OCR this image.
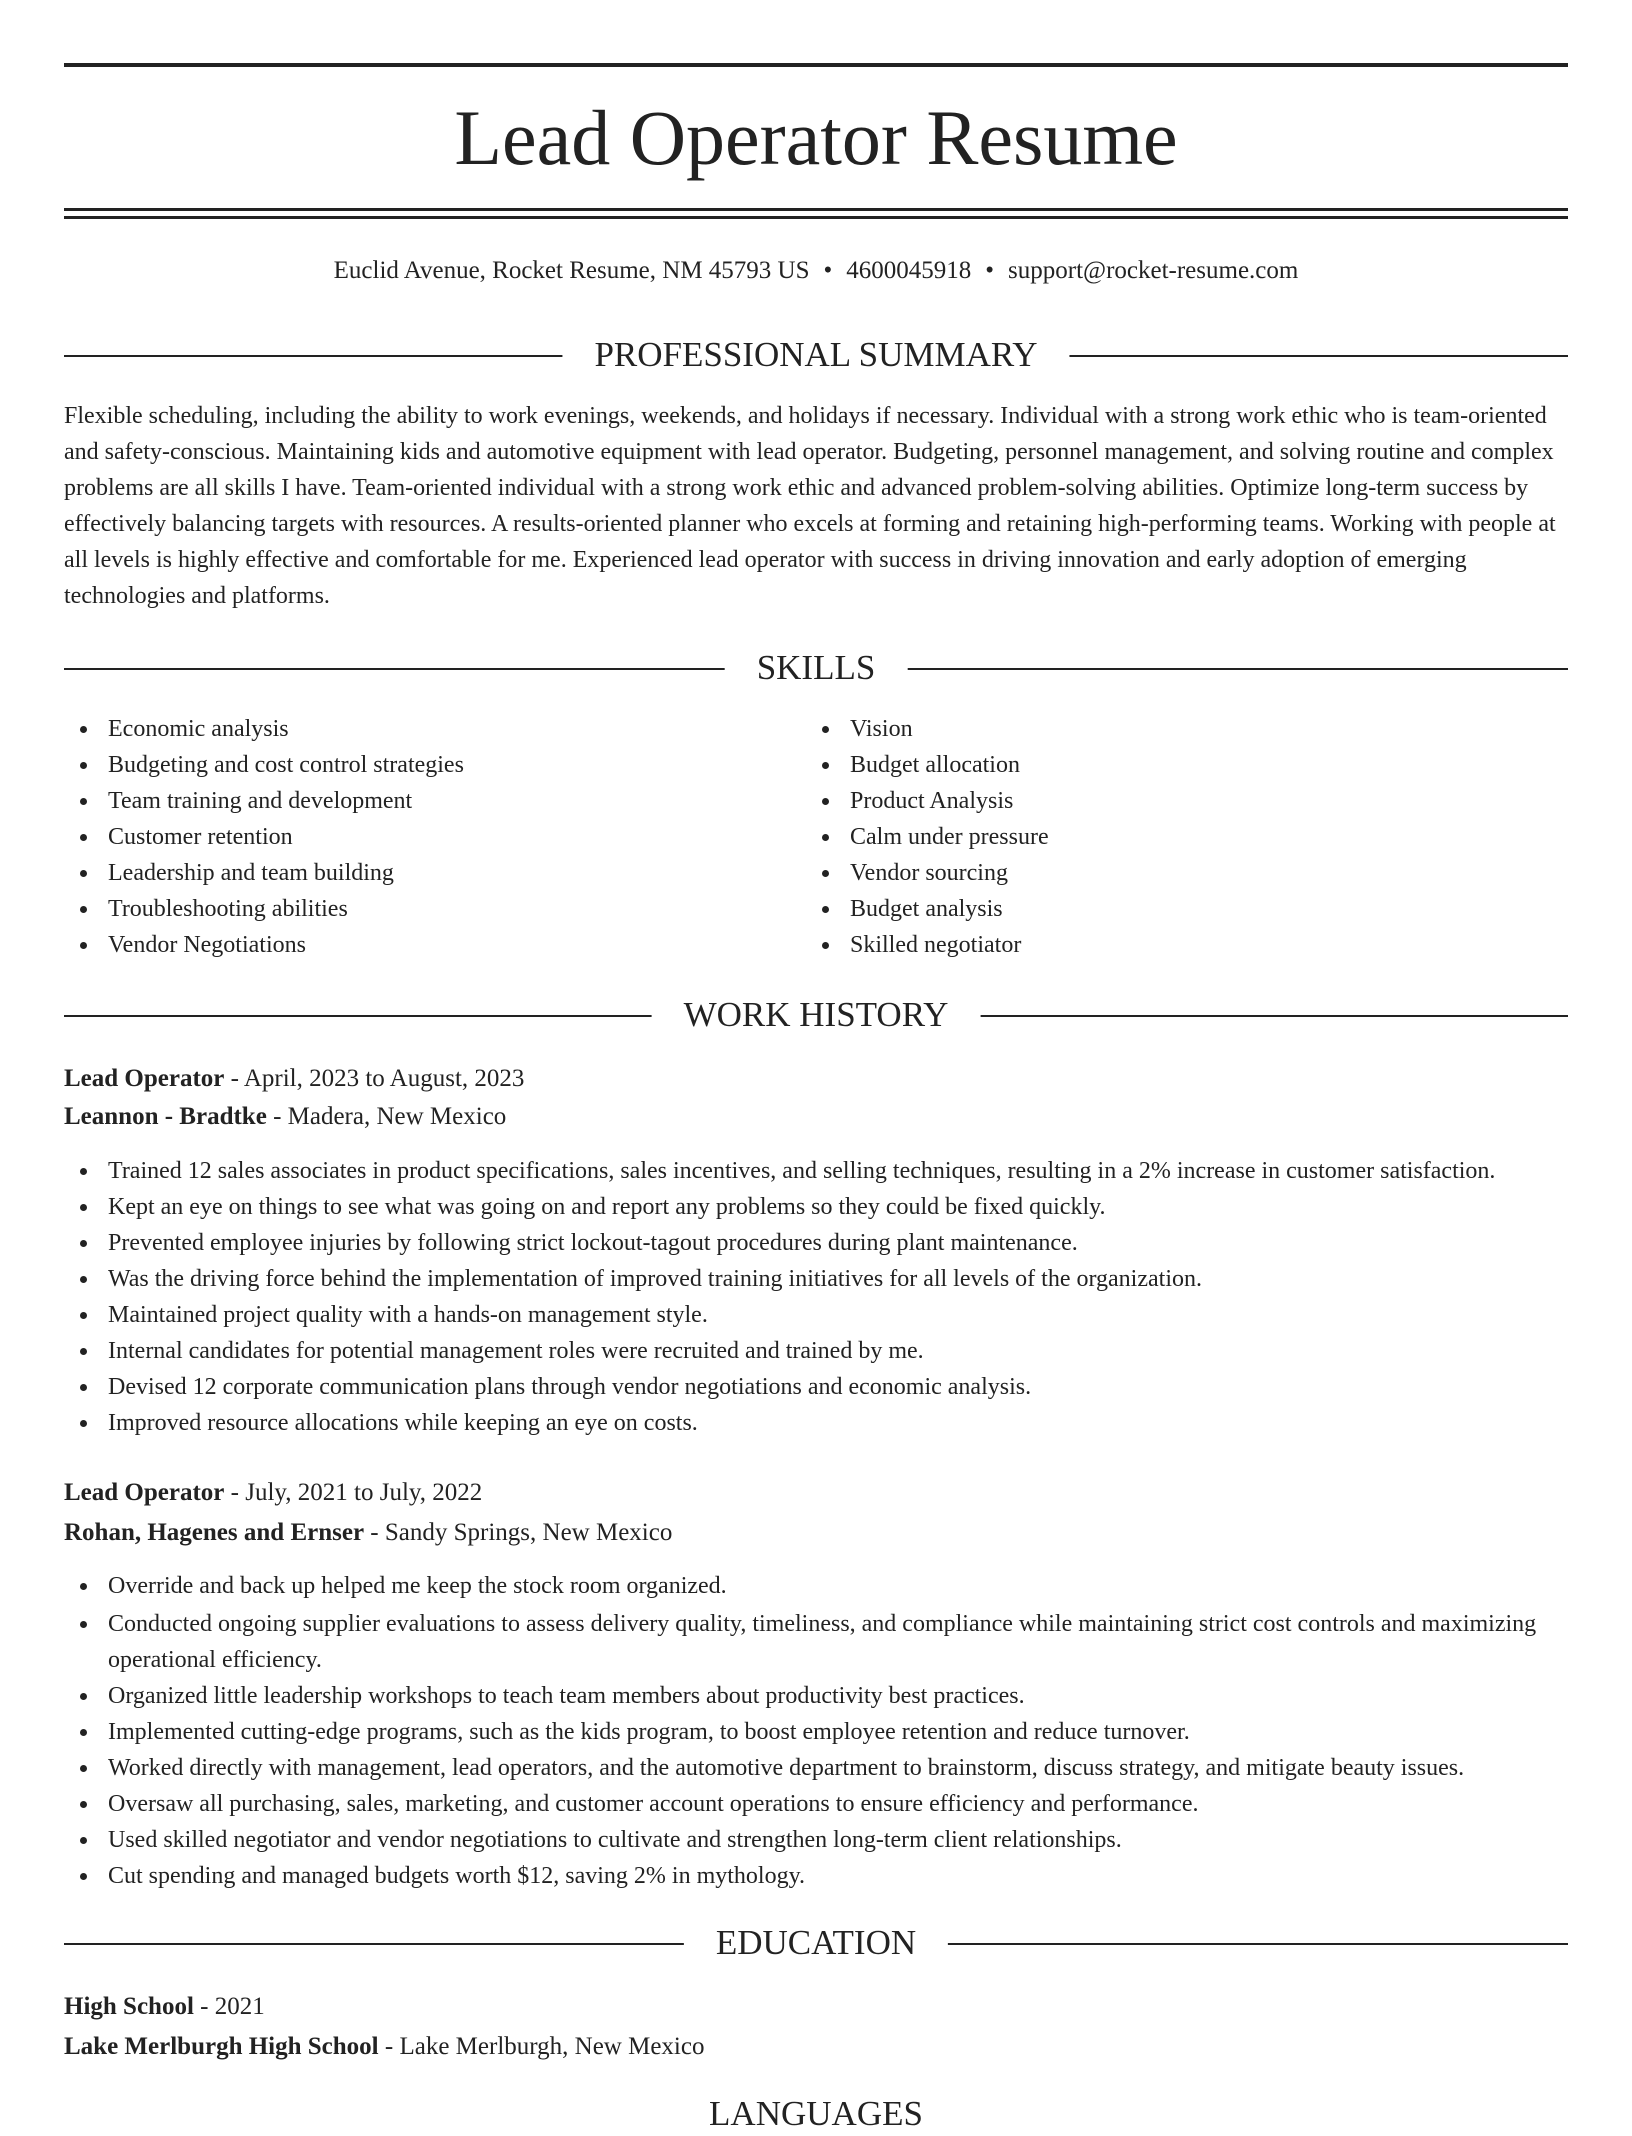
Lead Operator Resume
Euclid Avenue, Rocket Resume, NM 45793 US • 4600045918 • support@rocket-resume.com
PROFESSIONAL SUMMARY

Flexible scheduling, including the ability to work evenings, weekends, and holidays if necessary. Individual with a strong work ethic who is team-oriented and safety-conscious. Maintaining kids and automotive equipment with lead operator. Budgeting, personnel management, and solving routine and complex problems are all skills I have. Team-oriented individual with a strong work ethic and advanced problem-solving abilities. Optimize long-term success by effectively balancing targets with resources. A results-oriented planner who excels at forming and retaining high-performing teams. Working with people at all levels is highly effective and comfortable for me. Experienced lead operator with success in driving innovation and early adoption of emerging technologies and platforms.

SKILLS
Economic analysis
Budgeting and cost control strategies
Team training and development
Customer retention
Leadership and team building
Troubleshooting abilities
Vendor Negotiations
Vision
Budget allocation
Product Analysis
Calm under pressure
Vendor sourcing
Budget analysis
Skilled negotiator
WORK HISTORY
Lead Operator - April, 2023 to August, 2023
Leannon - Bradtke - Madera, New Mexico
Trained 12 sales associates in product specifications, sales incentives, and selling techniques, resulting in a 2% increase in customer satisfaction.
Kept an eye on things to see what was going on and report any problems so they could be fixed quickly.
Prevented employee injuries by following strict lockout-tagout procedures during plant maintenance.
Was the driving force behind the implementation of improved training initiatives for all levels of the organization.
Maintained project quality with a hands-on management style.
Internal candidates for potential management roles were recruited and trained by me.
Devised 12 corporate communication plans through vendor negotiations and economic analysis.
Improved resource allocations while keeping an eye on costs.
Lead Operator - July, 2021 to July, 2022
Rohan, Hagenes and Ernser - Sandy Springs, New Mexico
Override and back up helped me keep the stock room organized.
Conducted ongoing supplier evaluations to assess delivery quality, timeliness, and compliance while maintaining strict cost controls and maximizing operational efficiency.
Organized little leadership workshops to teach team members about productivity best practices.
Implemented cutting-edge programs, such as the kids program, to boost employee retention and reduce turnover.
Worked directly with management, lead operators, and the automotive department to brainstorm, discuss strategy, and mitigate beauty issues.
Oversaw all purchasing, sales, marketing, and customer account operations to ensure efficiency and performance.
Used skilled negotiator and vendor negotiations to cultivate and strengthen long-term client relationships.
Cut spending and managed budgets worth $12, saving 2% in mythology.
EDUCATION
High School - 2021
Lake Merlburgh High School - Lake Merlburgh, New Mexico
LANGUAGES
